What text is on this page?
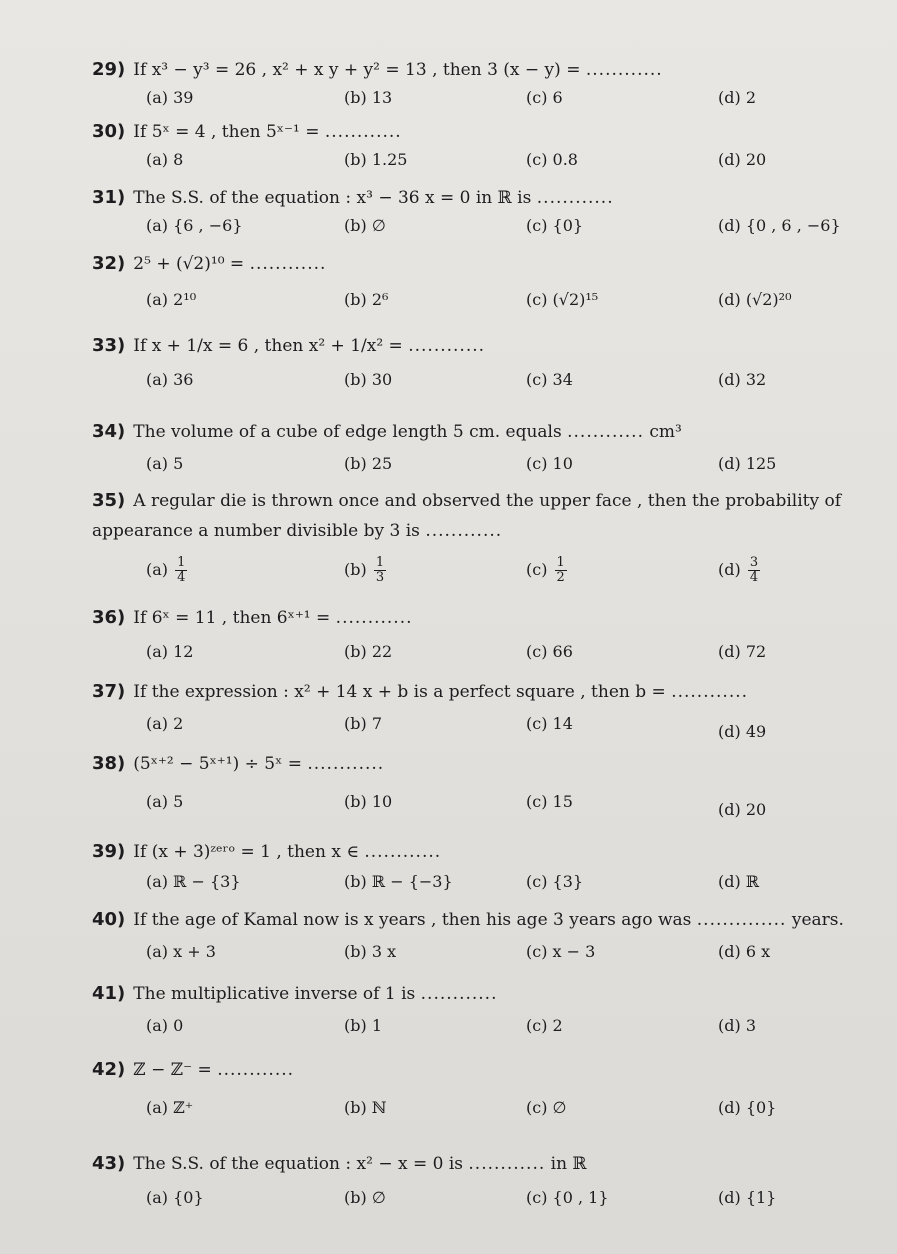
29) If x³ − y³ = 26 , x² + x y + y² = 13 , then 3 (x − y) = ............
(a) 39	(b) 13	(c) 6	(d) 2
30) If 5ˣ = 4 , then 5ˣ⁻¹ = ............
(a) 8	(b) 1.25	(c) 0.8	(d) 20
31) The S.S. of the equation : x³ − 36 x = 0 in ℝ is ............
(a) {6 , −6}	(b) ∅	(c) {0}	(d) {0 , 6 , −6}
32) 2⁵ + (√2)¹⁰ = ............
(a) 2¹⁰	(b) 2⁶	(c) (√2)¹⁵	(d) (√2)²⁰
33) If x + 1/x = 6 , then x² + 1/x² = ............
(a) 36	(b) 30	(c) 34	(d) 32
34) The volume of a cube of edge length 5 cm. equals ............ cm³
(a) 5	(b) 25	(c) 10	(d) 125
35) A regular die is thrown once and observed the upper face , then the probability of appearance a number divisible by 3 is ............
$(a) \frac{1}{4}$	$(b) \frac{1}{3}$	$(c) \frac{1}{2}$	$(d) \frac{3}{4}$
36) If 6ˣ = 11 , then 6ˣ⁺¹ = ............
(a) 12	(b) 22	(c) 66	(d) 72
37) If the expression : x² + 14 x + b is a perfect square , then b = ............
(a) 2	(b) 7	(c) 14	(d) 49
38) (5ˣ⁺² − 5ˣ⁺¹) ÷ 5ˣ = ............
(a) 5	(b) 10	(c) 15	(d) 20
39) If (x + 3)ᶻᵉʳᵒ = 1 , then x ∈ ............
(a) ℝ − {3}	(b) ℝ − {−3}	(c) {3}	(d) ℝ
40) If the age of Kamal now is x years , then his age 3 years ago was .............. years.
(a) x + 3	(b) 3 x	(c) x − 3	(d) 6 x
41) The multiplicative inverse of 1 is ............
(a) 0	(b) 1	(c) 2	(d) 3
42) ℤ − ℤ⁻ = ............
(a) ℤ⁺	(b) ℕ	(c) ∅	(d) {0}
43) The S.S. of the equation : x² − x = 0 is ............ in ℝ
(a) {0}	(b) ∅	(c) {0 , 1}	(d) {1}
